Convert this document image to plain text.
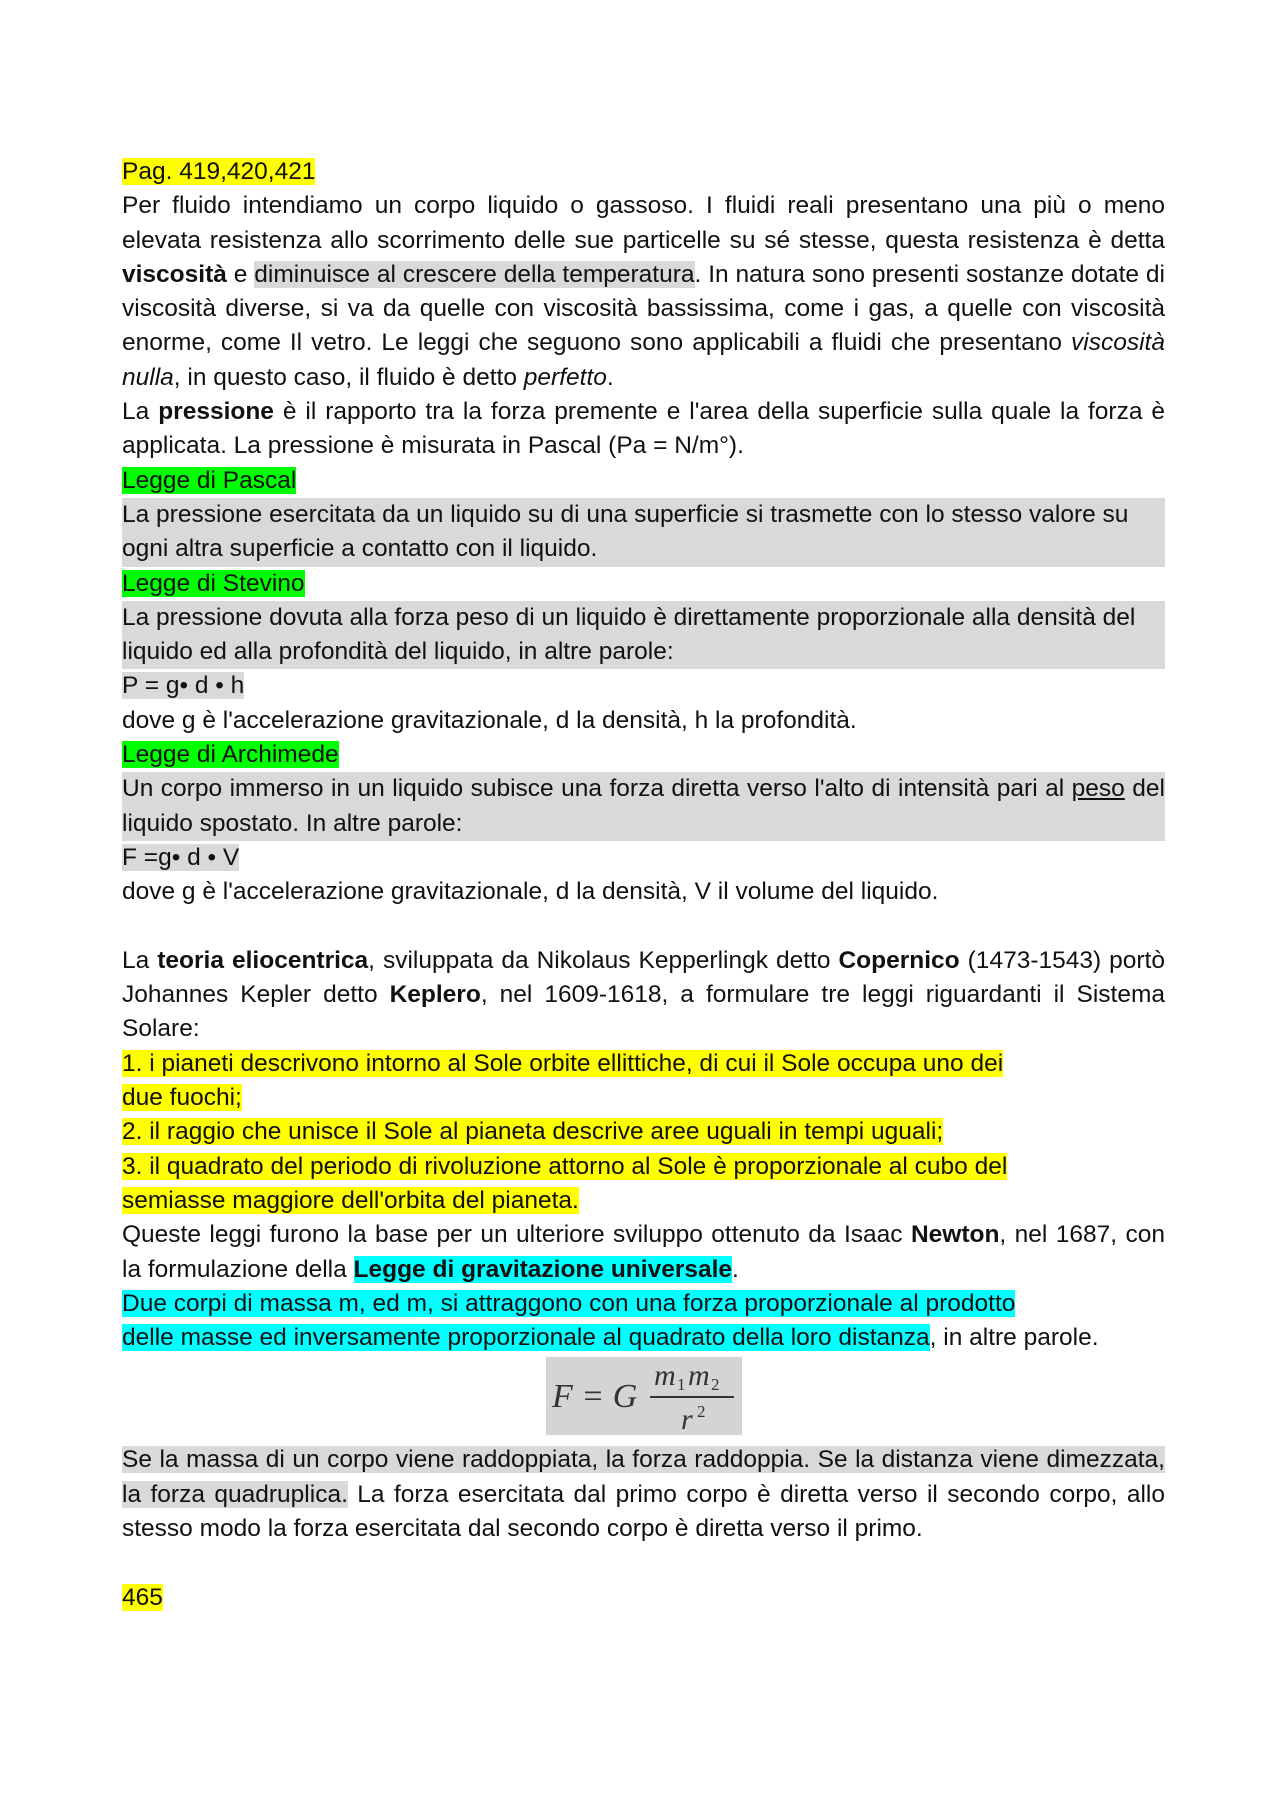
Pag. 419,420,421

Per fluido intendiamo un corpo liquido o gassoso. I fluidi reali presentano una più o meno elevata resistenza allo scorrimento delle sue particelle su sé stesse, questa resistenza è detta viscosità e diminuisce al crescere della temperatura. In natura sono presenti sostanze dotate di viscosità diverse, si va da quelle con viscosità bassissima, come i gas, a quelle con viscosità enorme, come Il vetro. Le leggi che seguono sono applicabili a fluidi che presentano viscosità nulla, in questo caso, il fluido è detto perfetto.

La pressione è il rapporto tra la forza premente e l'area della superficie sulla quale la forza è applicata. La pressione è misurata in Pascal (Pa = N/m°).

Legge di Pascal

La pressione esercitata da un liquido su di una superficie si trasmette con lo stesso valore su ogni altra superficie a contatto con il liquido.

Legge di Stevino

La pressione dovuta alla forza peso di un liquido è direttamente proporzionale alla densità del liquido ed alla profondità del liquido, in altre parole:

P = g• d • h

dove g è l'accelerazione gravitazionale, d la densità, h la profondità.

Legge di Archimede

Un corpo immerso in un liquido subisce una forza diretta verso l'alto di intensità pari al peso del liquido spostato. In altre parole:

F =g• d • V

dove g è l'accelerazione gravitazionale, d la densità, V il volume del liquido.

La teoria eliocentrica, sviluppata da Nikolaus Kepperlingk detto Copernico (1473-1543) portò Johannes Kepler detto Keplero, nel 1609-1618, a formulare tre leggi riguardanti il Sistema Solare:

1. i pianeti descrivono intorno al Sole orbite ellittiche, di cui il Sole occupa uno dei
due fuochi;

2. il raggio che unisce il Sole al pianeta descrive aree uguali in tempi uguali;

3. il quadrato del periodo di rivoluzione attorno al Sole è proporzionale al cubo del
semiasse maggiore dell'orbita del pianeta.

Queste leggi furono la base per un ulteriore sviluppo ottenuto da Isaac Newton, nel 1687, con la formulazione della Legge di gravitazione universale.

Due corpi di massa m, ed m, si attraggono con una forza proporzionale al prodotto
delle masse ed inversamente proporzionale al quadrato della loro distanza, in altre parole.

F = G
m 1 m 2
r 2

Se la massa di un corpo viene raddoppiata, la forza raddoppia. Se la distanza viene dimezzata, la forza quadruplica. La forza esercitata dal primo corpo è diretta verso il secondo corpo, allo stesso modo la forza esercitata dal secondo corpo è diretta verso il primo.

465
